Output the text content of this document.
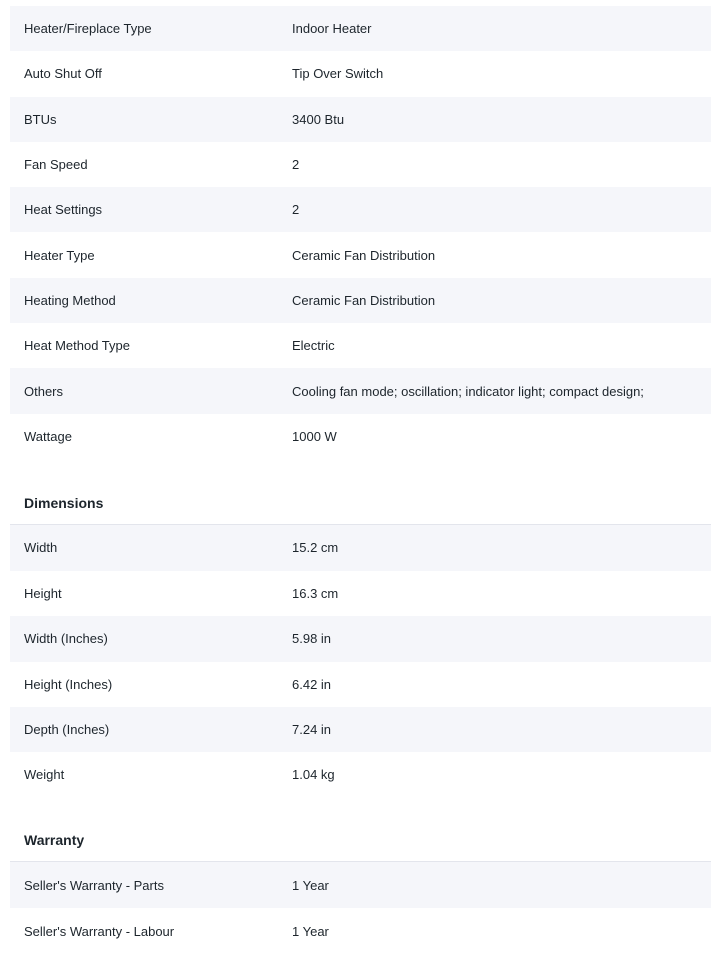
Heater/Fireplace Type	Indoor Heater
Auto Shut Off	Tip Over Switch
BTUs	3400 Btu
Fan Speed	2
Heat Settings	2
Heater Type	Ceramic Fan Distribution
Heating Method	Ceramic Fan Distribution
Heat Method Type	Electric
Others	Cooling fan mode; oscillation; indicator light; compact design;
Wattage	1000 W
Dimensions
Width	15.2 cm
Height	16.3 cm
Width (Inches)	5.98 in
Height (Inches)	6.42 in
Depth (Inches)	7.24 in
Weight	1.04 kg
Warranty
Seller's Warranty - Parts	1 Year
Seller's Warranty - Labour	1 Year
